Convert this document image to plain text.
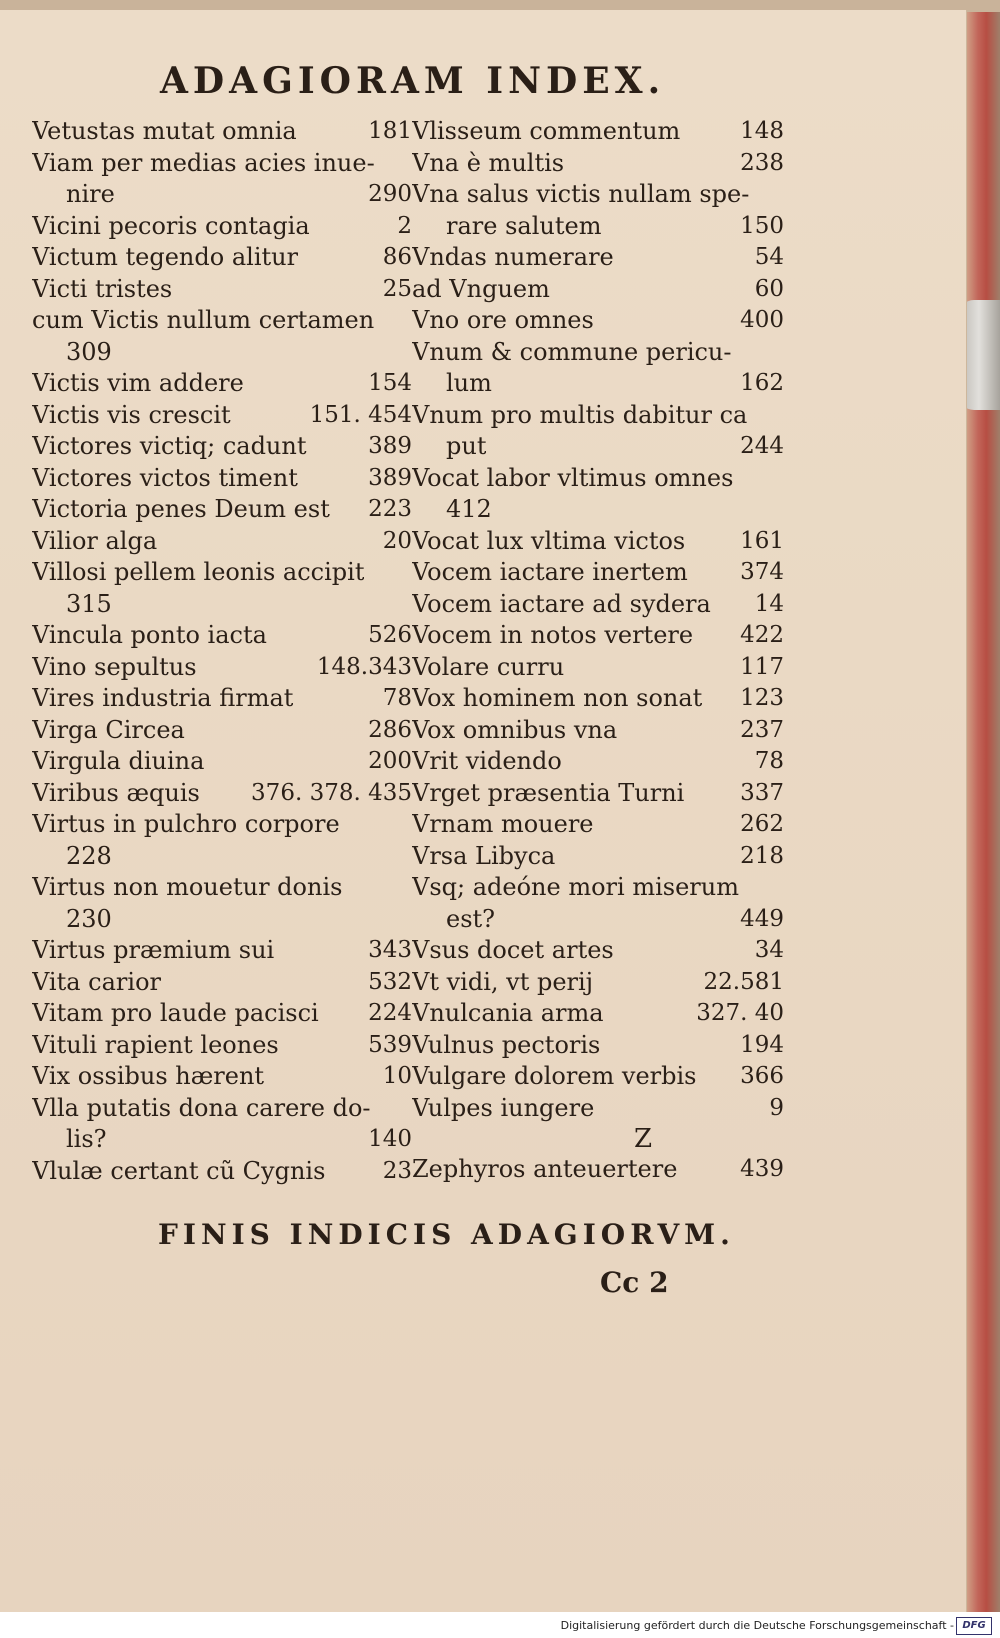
ADAGIORAM INDEX.
Vetustas mutat omnia	181
Viam per medias acies inue-
nire	290
Vicini pecoris contagia	2
Victum tegendo alitur	86
Victi tristes	25
cum Victis nullum certamen
309
Victis vim addere	154
Victis vis crescit	151. 454
Victores victiq; cadunt	389
Victores victos timent	389
Victoria penes Deum est	223
Vilior alga	20
Villosi pellem leonis accipit
315
Vincula ponto iacta	526
Vino sepultus	148.343
Vires industria firmat	78
Virga Circea	286
Virgula diuina	200
Viribus æquis	376. 378. 435
Virtus in pulchro corpore
228
Virtus non mouetur donis
230
Virtus præmium sui	343
Vita carior	532
Vitam pro laude pacisci	224
Vituli rapient leones	539
Vix ossibus hærent	10
Vlla putatis dona carere do-
lis?	140
Vlulæ certant cũ Cygnis	23
Vlisseum commentum	148
Vna è multis	238
Vna salus victis nullam spe-
rare salutem	150
Vndas numerare	54
ad Vnguem	60
Vno ore omnes	400
Vnum & commune pericu-
lum	162
Vnum pro multis dabitur ca
put	244
Vocat labor vltimus omnes
412
Vocat lux vltima victos	161
Vocem iactare inertem	374
Vocem iactare ad sydera	14
Vocem in notos vertere	422
Volare curru	117
Vox hominem non sonat	123
Vox omnibus vna	237
Vrit videndo	78
Vrget præsentia Turni	337
Vrnam mouere	262
Vrsa Libyca	218
Vsq; adeóne mori miserum
est?	449
Vsus docet artes	34
Vt vidi, vt perij	22.581
Vnulcania arma	327. 40
Vulnus pectoris	194
Vulgare dolorem verbis	366
Vulpes iungere	9
Z
Zephyros anteuertere	439
FINIS INDICIS ADAGIORVM.
Cc 2
Digitalisierung gefördert durch die Deutsche Forschungsgemeinschaft - DFG
